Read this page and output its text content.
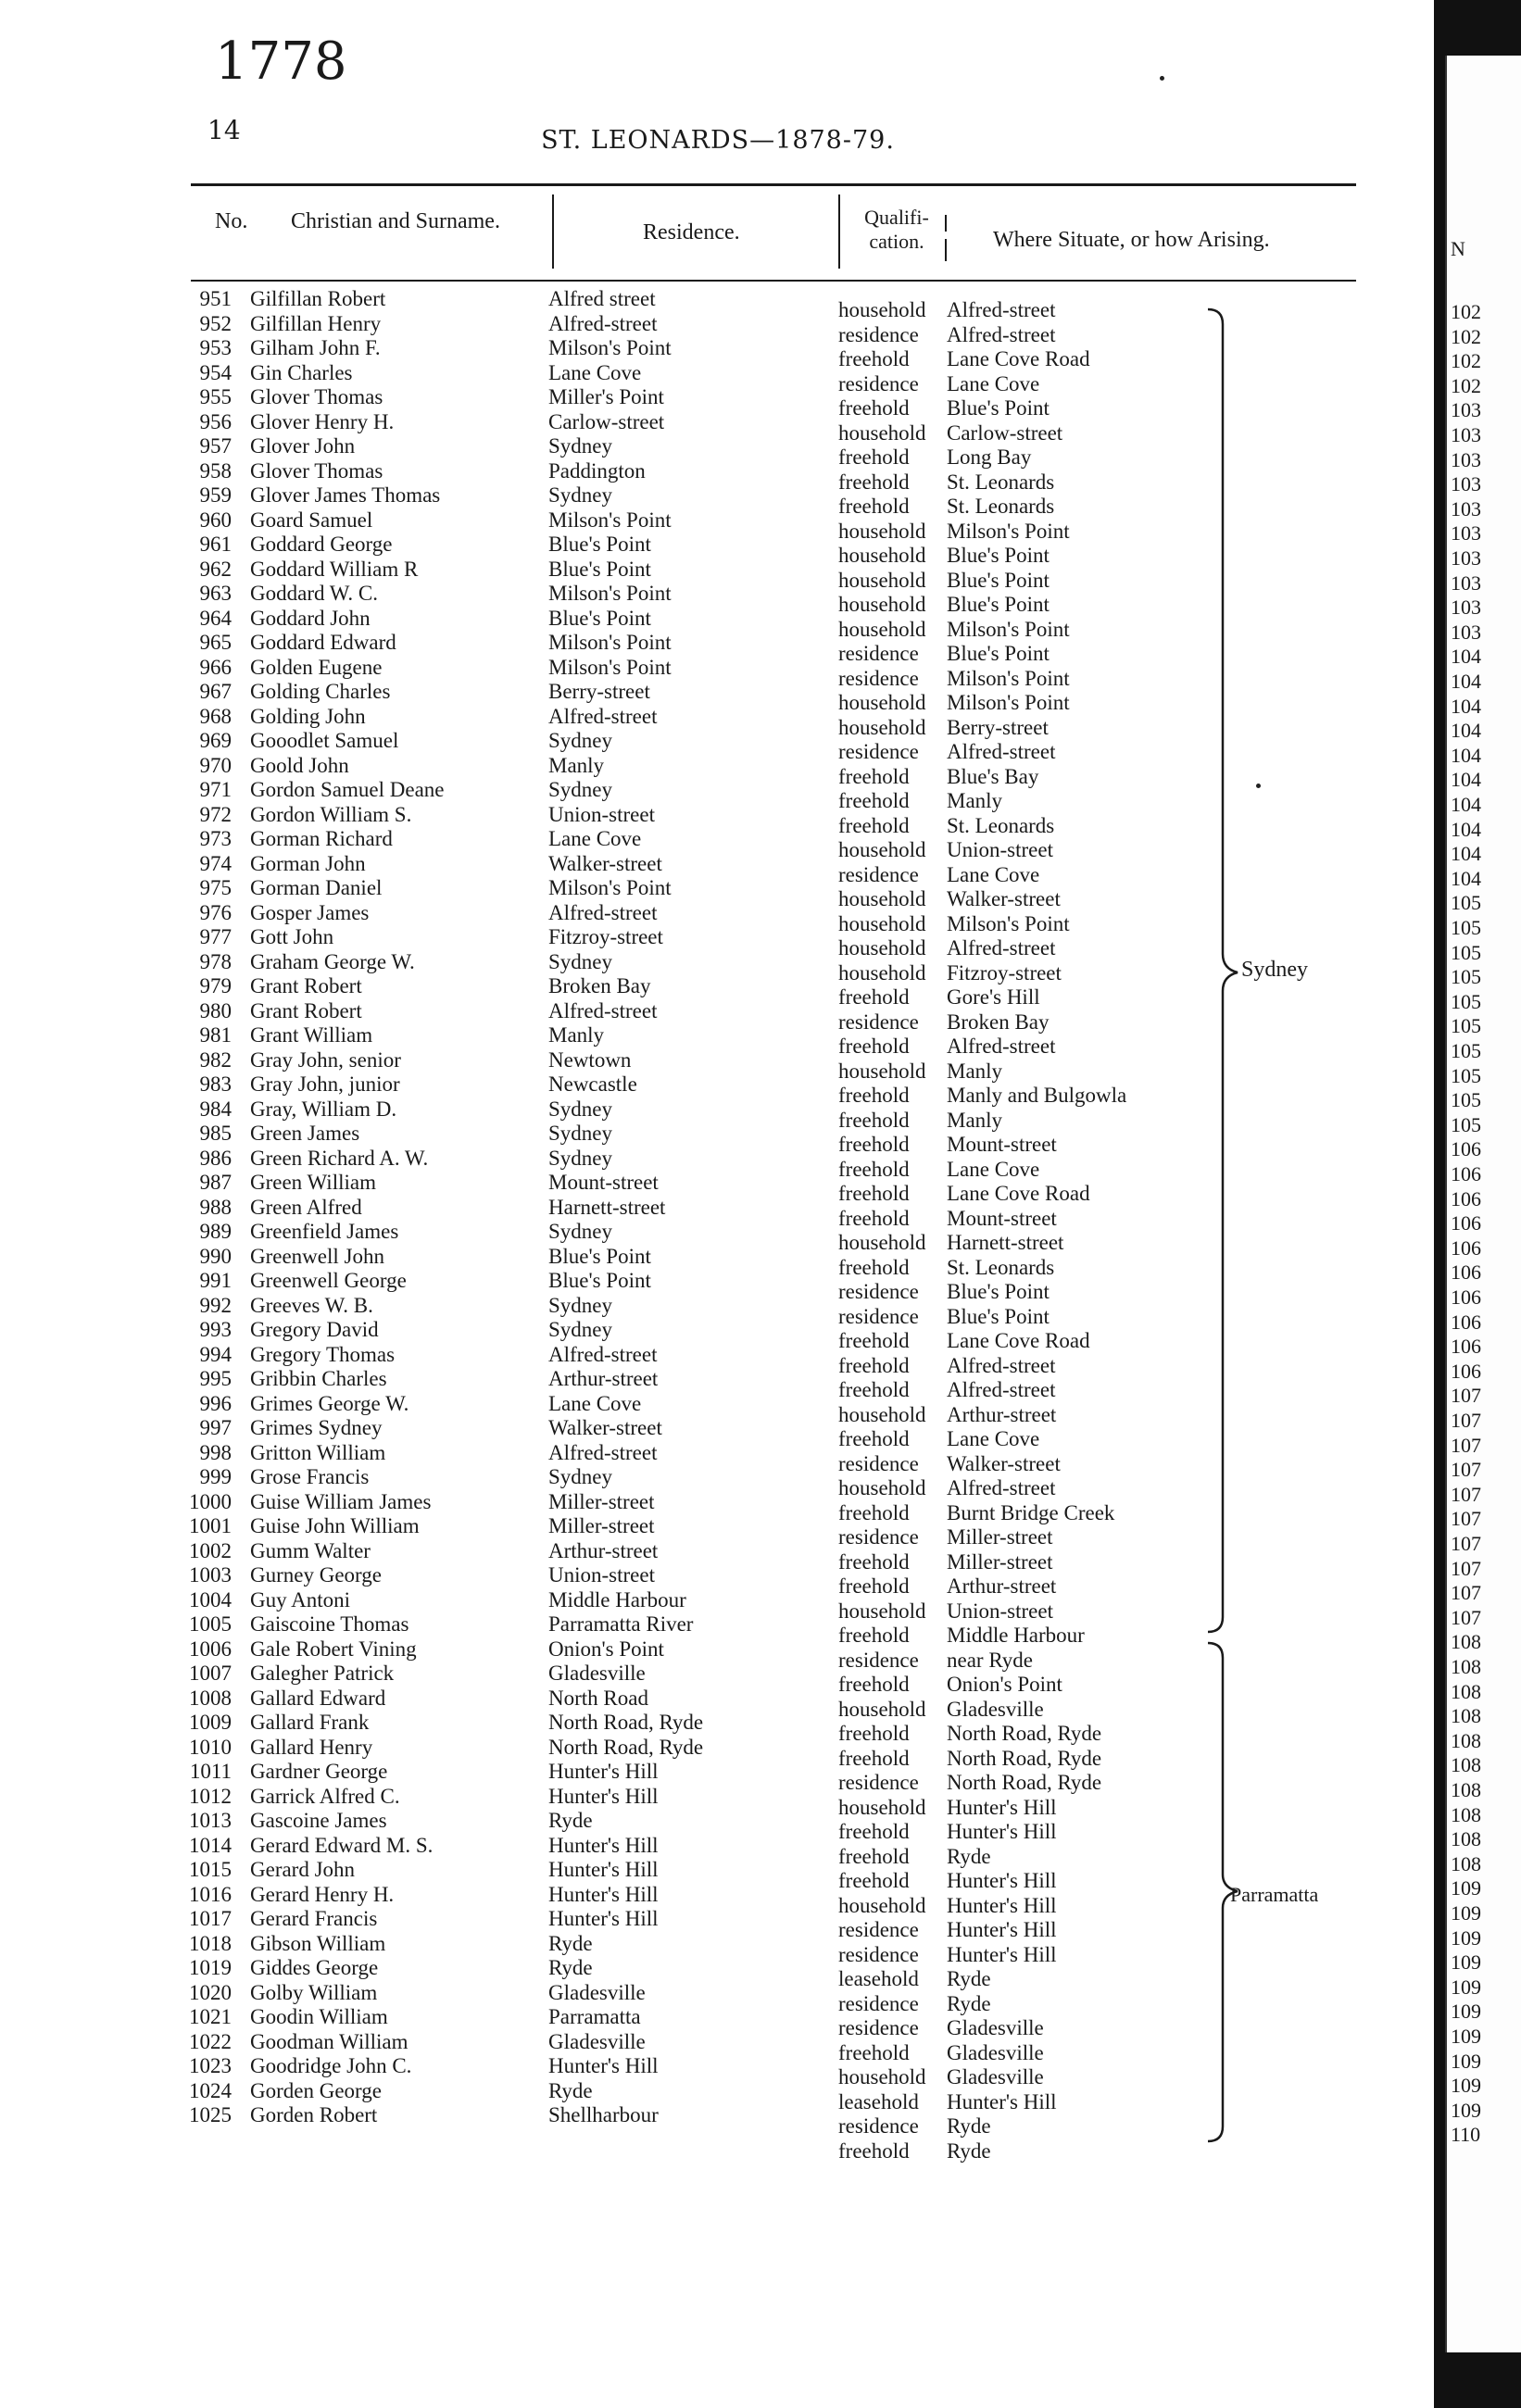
1778
14	ST. LEONARDS—1878-79.
No. Christian and Surname.	Residence.
Qualifi-
cation.	Where Situate, or how Arising.
951 Gilfillan Robert	Alfred street	household Alfred-street
952 Gilfillan Henry	Alfred-street	residence Alfred-street
953 Gilham John F.	Milson's Point	freehold Lane Cove Road
954 Gin Charles	Lane Cove	residence Lane Cove
955 Glover Thomas	Miller's Point	freehold Blue's Point
956 Glover Henry H.	Carlow-street	household Carlow-street
957 Glover John	Sydney	freehold Long Bay
958 Glover Thomas	Paddington	freehold St. Leonards
959 Glover James Thomas	Sydney	freehold St. Leonards
960 Goard Samuel	Milson's Point	household Milson's Point
961 Goddard George	Blue's Point	household Blue's Point
962 Goddard William R	Blue's Point	household Blue's Point
963 Goddard W. C.	Milson's Point	household Blue's Point
964 Goddard John	Blue's Point	household Milson's Point
965 Goddard Edward	Milson's Point	residence Blue's Point
966 Golden Eugene	Milson's Point	residence Milson's Point
967 Golding Charles	Berry-street	household Milson's Point
968 Golding John	Alfred-street	household Berry-street
969 Gooodlet Samuel	Sydney	residence Alfred-street
970 Goold John	Manly	freehold Blue's Bay
971 Gordon Samuel Deane	Sydney	freehold Manly
972 Gordon William S.	Union-street	freehold St. Leonards
973 Gorman Richard	Lane Cove	household Union-street
974 Gorman John	Walker-street	residence Lane Cove
975 Gorman Daniel	Milson's Point	household Walker-street
976 Gosper James	Alfred-street	household Milson's Point
977 Gott John	Fitzroy-street	household Alfred-street
978 Graham George W.	Sydney	household Fitzroy-street
979 Grant Robert	Broken Bay	freehold Gore's Hill
980 Grant Robert	Alfred-street	residence Broken Bay
981 Grant William	Manly	freehold Alfred-street
982 Gray John, senior	Newtown	household Manly
983 Gray John, junior	Newcastle	freehold Manly and Bulgowla
984 Gray, William D.	Sydney	freehold Manly
985 Green James	Sydney	freehold Mount-street
986 Green Richard A. W.	Sydney	freehold Lane Cove
987 Green William	Mount-street	freehold Lane Cove Road
988 Green Alfred	Harnett-street	freehold Mount-street
989 Greenfield James	Sydney	household Harnett-street
990 Greenwell John	Blue's Point	freehold St. Leonards
991 Greenwell George	Blue's Point	residence Blue's Point
992 Greeves W. B.	Sydney	residence Blue's Point
993 Gregory David	Sydney	freehold Lane Cove Road
994 Gregory Thomas	Alfred-street	freehold Alfred-street
995 Gribbin Charles	Arthur-street	freehold Alfred-street
996 Grimes George W.	Lane Cove	household Arthur-street
997 Grimes Sydney	Walker-street	freehold Lane Cove
998 Gritton William	Alfred-street	residence Walker-street
999 Grose Francis	Sydney	household Alfred-street
1000 Guise William James	Miller-street	freehold Burnt Bridge Creek
1001 Guise John William	Miller-street	residence Miller-street
1002 Gumm Walter	Arthur-street	freehold Miller-street
1003 Gurney George	Union-street	freehold Arthur-street
1004 Guy Antoni	Middle Harbour	household Union-street
1005 Gaiscoine Thomas	Parramatta River	freehold Middle Harbour
1006 Gale Robert Vining	Onion's Point	residence near Ryde
1007 Galegher Patrick	Gladesville	freehold Onion's Point
1008 Gallard Edward	North Road	household Gladesville
1009 Gallard Frank	North Road, Ryde	freehold North Road, Ryde
1010 Gallard Henry	North Road, Ryde	freehold North Road, Ryde
1011 Gardner George	Hunter's Hill	residence North Road, Ryde
1012 Garrick Alfred C.	Hunter's Hill	household Hunter's Hill
1013 Gascoine James	Ryde	freehold Hunter's Hill
1014 Gerard Edward M. S.	Hunter's Hill	freehold Ryde
1015 Gerard John	Hunter's Hill	freehold Hunter's Hill
1016 Gerard Henry H.	Hunter's Hill	household Hunter's Hill
1017 Gerard Francis	Hunter's Hill	residence Hunter's Hill
1018 Gibson William	Ryde	residence Hunter's Hill
1019 Giddes George	Ryde	leasehold Ryde
1020 Golby William	Gladesville	residence Ryde
1021 Goodin William	Parramatta	residence Gladesville
1022 Goodman William	Gladesville	freehold Gladesville
1023 Goodridge John C.	Hunter's Hill	household Gladesville
1024 Gorden George	Ryde	leasehold Hunter's Hill
1025 Gorden Robert	Shellharbour	residence Ryde
freehold Ryde
Sydney
Parramatta
N
102
102
102
102
103
103
103
103
103
103
103
103
103
103
104
104
104
104
104
104
104
104
104
104
105
105
105
105
105
105
105
105
105
105
106
106
106
106
106
106
106
106
106
106
107
107
107
107
107
107
107
107
107
107
108
108
108
108
108
108
108
108
108
108
109
109
109
109
109
109
109
109
109
109
110
